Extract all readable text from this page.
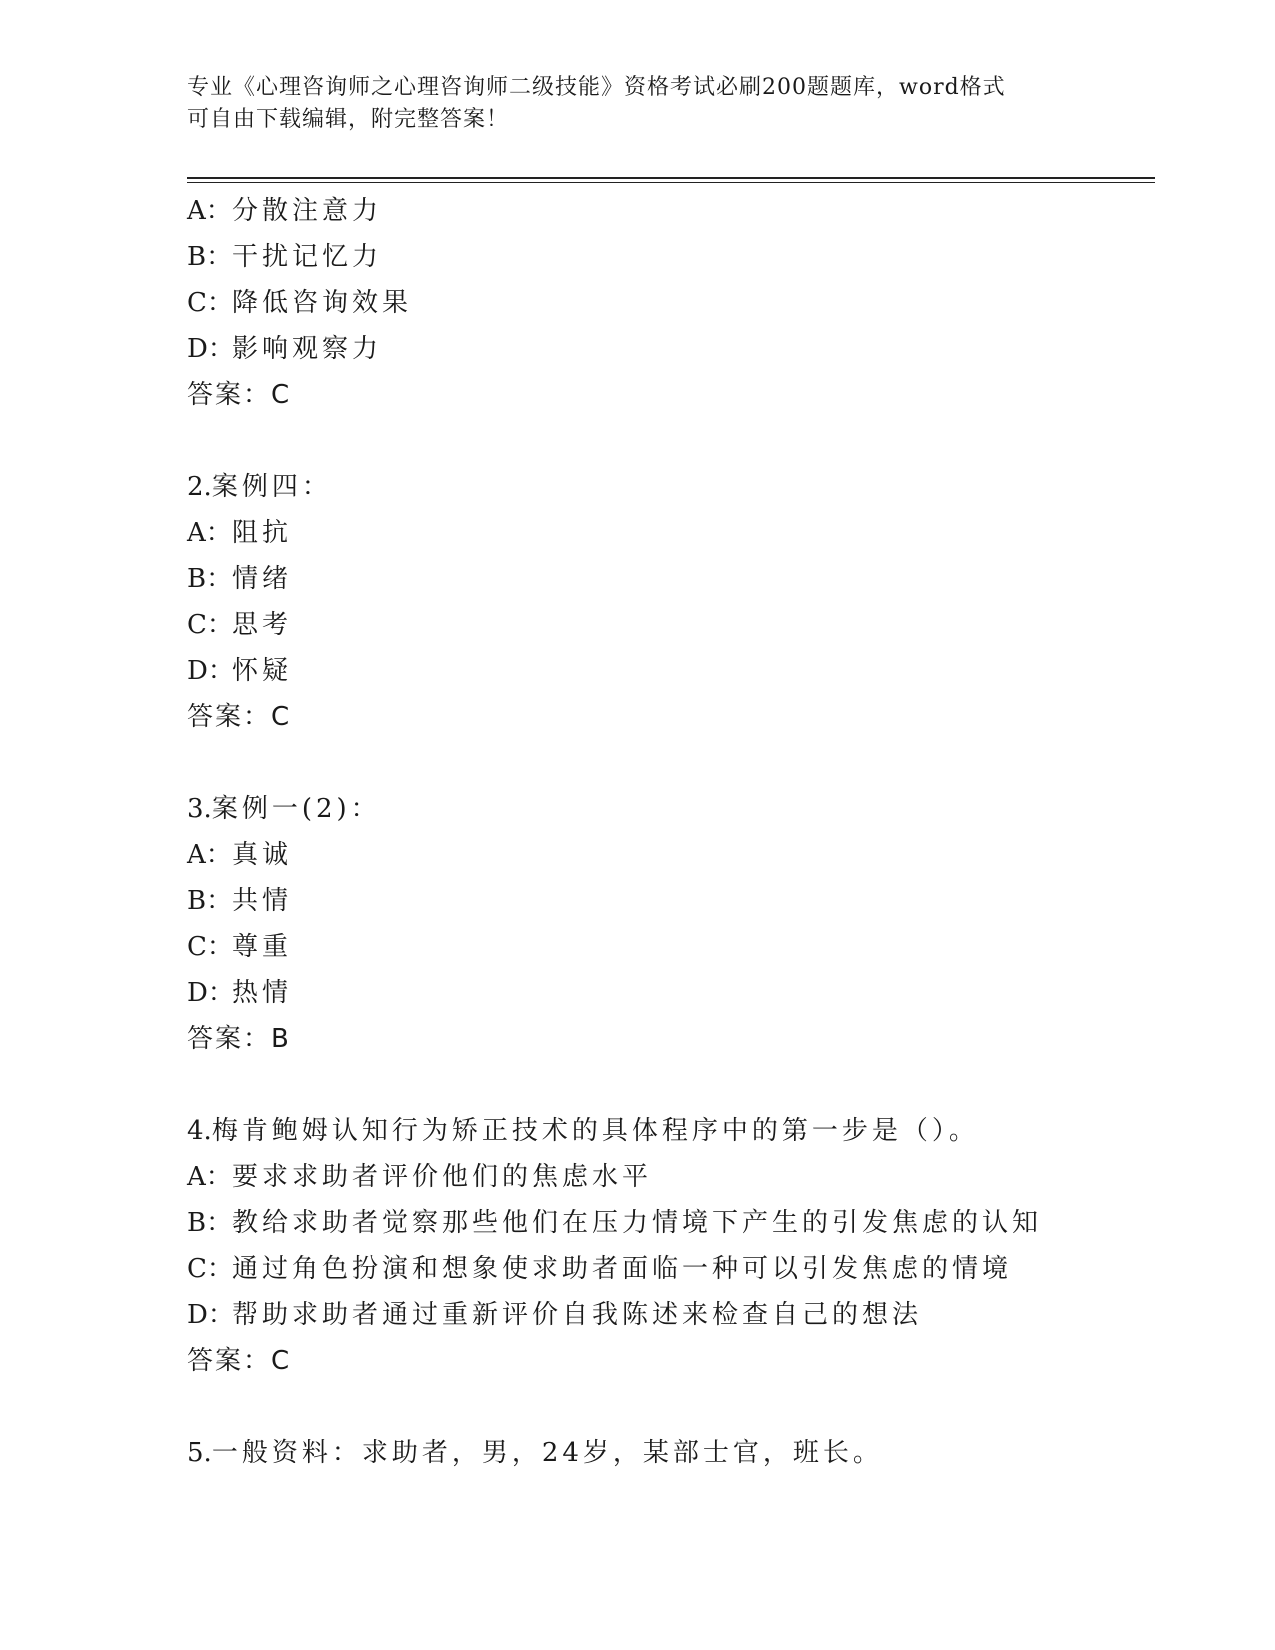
专业《心理咨询师之心理咨询师二级技能》资格考试必刷200题题库，word格式
可自由下载编辑，附完整答案！
A：分散注意力
B：干扰记忆力
C：降低咨询效果
D：影响观察力
答案：C
2.案例四：
A：阻抗
B：情绪
C：思考
D：怀疑
答案：C
3.案例一(2)：
A：真诚
B：共情
C：尊重
D：热情
答案：B
4.梅肯鲍姆认知行为矫正技术的具体程序中的第一步是（）。
A：要求求助者评价他们的焦虑水平
B：教给求助者觉察那些他们在压力情境下产生的引发焦虑的认知
C：通过角色扮演和想象使求助者面临一种可以引发焦虑的情境
D：帮助求助者通过重新评价自我陈述来检查自己的想法
答案：C
5.一般资料：求助者，男，24岁，某部士官，班长。
